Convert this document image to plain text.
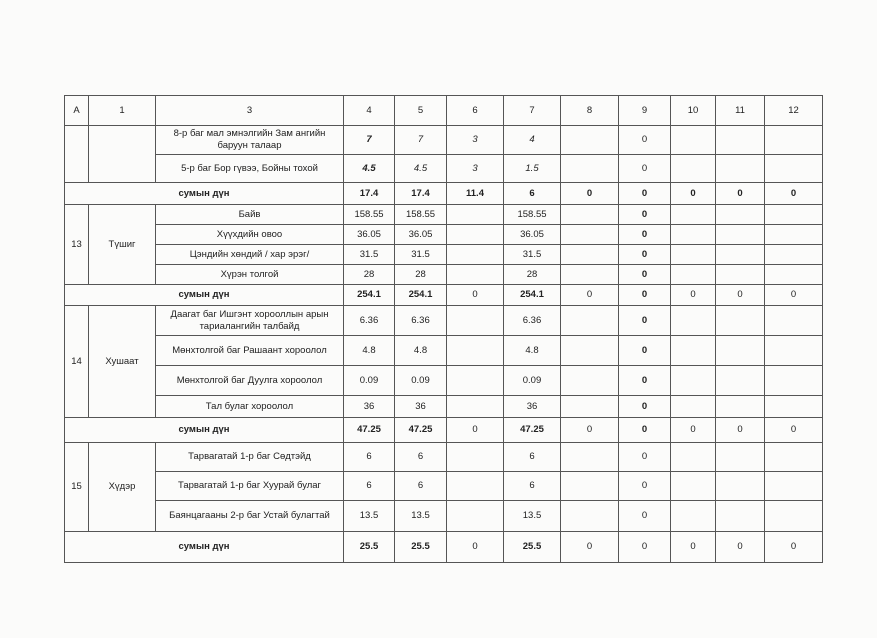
A	1	3	4	5	6	7	8	9	10	11	12
		8-р баг мал эмнэлгийн Зам ангийн баруун талаар	7	7	3	4		0			
		5-р баг Бор гүвээ, Бойны тохой	4.5	4.5	3	1.5		0			
сумын дүн			17.4	17.4	11.4	6	0	0	0	0	0
13	Түшиг	Байв	158.55	158.55		158.55		0			
		Хүүхдийн овоо	36.05	36.05		36.05		0			
		Цэндийн хөндий / хар эрэг/	31.5	31.5		31.5		0			
		Хүрэн толгой	28	28		28		0			
сумын дүн			254.1	254.1	0	254.1	0	0	0	0	0
14	Хушаат	Даагат баг Ишгэнт хорооллын арын тариалангийн талбайд	6.36	6.36		6.36		0			
		Мөнхтолгой баг Рашаант хороолол	4.8	4.8		4.8		0			
		Мөнхтолгой баг Дуулга хороолол	0.09	0.09		0.09		0			
		Тал булаг хороолол	36	36		36		0			
сумын дүн			47.25	47.25	0	47.25	0	0	0	0	0
15	Хүдэр	Тарвагатай 1-р баг Сөдтэйд	6	6		6		0			
		Тарвагатай 1-р баг Хуурай булаг	6	6		6		0			
		Баянцагааны 2-р баг Устай булагтай	13.5	13.5		13.5		0			
сумын дүн			25.5	25.5	0	25.5	0	0	0	0	0
